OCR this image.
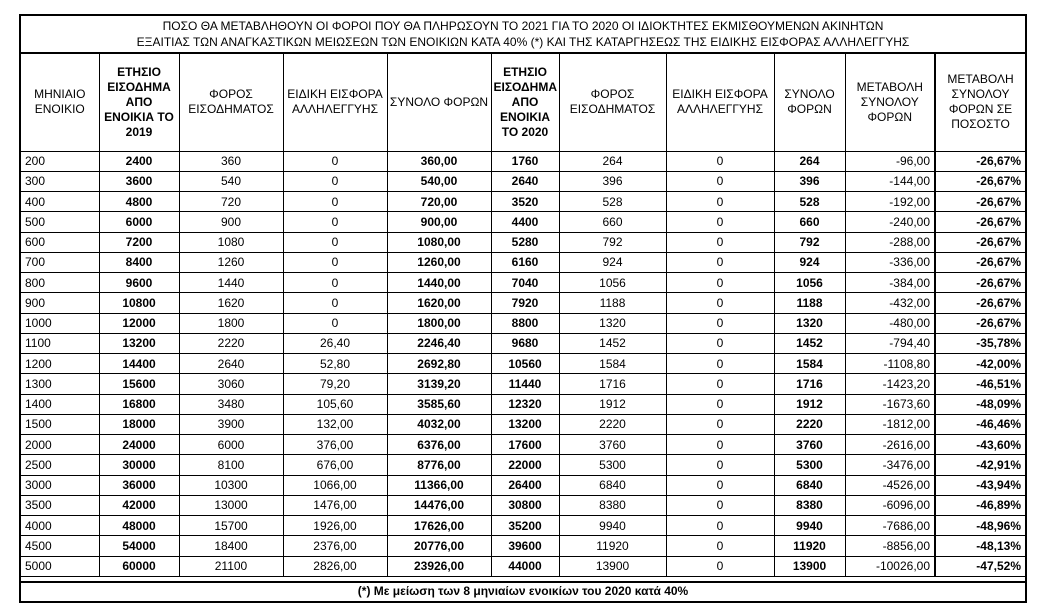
ΠΟΣΟ ΘΑ ΜΕΤΑΒΛΗΘΟΥΝ ΟΙ ΦΟΡΟΙ ΠΟΥ ΘΑ ΠΛΗΡΩΣΟΥΝ ΤΟ 2021 ΓΙΑ ΤΟ 2020 ΟΙ ΙΔΙΟΚΤΗΤΕΣ ΕΚΜΙΣΘΟΥΜΕΝΩΝ ΑΚΙΝΗΤΩΝ
ΕΞΑΙΤΙΑΣ ΤΩΝ ΑΝΑΓΚΑΣΤΙΚΩΝ ΜΕΙΩΣΕΩΝ ΤΩΝ ΕΝΟΙΚΙΩΝ ΚΑΤΑ 40% (*) ΚΑΙ ΤΗΣ ΚΑΤΑΡΓΗΣΕΩΣ ΤΗΣ ΕΙΔΙΚΗΣ ΕΙΣΦΟΡΑΣ ΑΛΛΗΛΕΓΓΥΗΣ
ΜΗΝΙΑΙΟ ΕΝΟΙΚΙΟ	ΕΤΗΣΙΟ ΕΙΣΟΔΗΜΑ ΑΠΟ ΕΝΟΙΚΙΑ ΤΟ 2019	ΦΟΡΟΣ ΕΙΣΟΔΗΜΑΤΟΣ	ΕΙΔΙΚΗ ΕΙΣΦΟΡΑ ΑΛΛΗΛΕΓΓΥΗΣ	ΣΥΝΟΛΟ ΦΟΡΩΝ	ΕΤΗΣΙΟ ΕΙΣΟΔΗΜΑ ΑΠΟ ΕΝΟΙΚΙΑ ΤΟ 2020	ΦΟΡΟΣ ΕΙΣΟΔΗΜΑΤΟΣ	ΕΙΔΙΚΗ ΕΙΣΦΟΡΑ ΑΛΛΗΛΕΓΓΥΗΣ	ΣΥΝΟΛΟ ΦΟΡΩΝ	ΜΕΤΑΒΟΛΗ ΣΥΝΟΛΟΥ ΦΟΡΩΝ	ΜΕΤΑΒΟΛΗ ΣΥΝΟΛΟΥ ΦΟΡΩΝ ΣΕ ΠΟΣΟΣΤΟ
200	2400	360	0	360,00	1760	264	0	264	-96,00	-26,67%
300	3600	540	0	540,00	2640	396	0	396	-144,00	-26,67%
400	4800	720	0	720,00	3520	528	0	528	-192,00	-26,67%
500	6000	900	0	900,00	4400	660	0	660	-240,00	-26,67%
600	7200	1080	0	1080,00	5280	792	0	792	-288,00	-26,67%
700	8400	1260	0	1260,00	6160	924	0	924	-336,00	-26,67%
800	9600	1440	0	1440,00	7040	1056	0	1056	-384,00	-26,67%
900	10800	1620	0	1620,00	7920	1188	0	1188	-432,00	-26,67%
1000	12000	1800	0	1800,00	8800	1320	0	1320	-480,00	-26,67%
1100	13200	2220	26,40	2246,40	9680	1452	0	1452	-794,40	-35,78%
1200	14400	2640	52,80	2692,80	10560	1584	0	1584	-1108,80	-42,00%
1300	15600	3060	79,20	3139,20	11440	1716	0	1716	-1423,20	-46,51%
1400	16800	3480	105,60	3585,60	12320	1912	0	1912	-1673,60	-48,09%
1500	18000	3900	132,00	4032,00	13200	2220	0	2220	-1812,00	-46,46%
2000	24000	6000	376,00	6376,00	17600	3760	0	3760	-2616,00	-43,60%
2500	30000	8100	676,00	8776,00	22000	5300	0	5300	-3476,00	-42,91%
3000	36000	10300	1066,00	11366,00	26400	6840	0	6840	-4526,00	-43,94%
3500	42000	13000	1476,00	14476,00	30800	8380	0	8380	-6096,00	-46,89%
4000	48000	15700	1926,00	17626,00	35200	9940	0	9940	-7686,00	-48,96%
4500	54000	18400	2376,00	20776,00	39600	11920	0	11920	-8856,00	-48,13%
5000	60000	21100	2826,00	23926,00	44000	13900	0	13900	-10026,00	-47,52%
(*) Με μείωση των 8 μηνιαίων ενοικίων του 2020 κατά 40%
